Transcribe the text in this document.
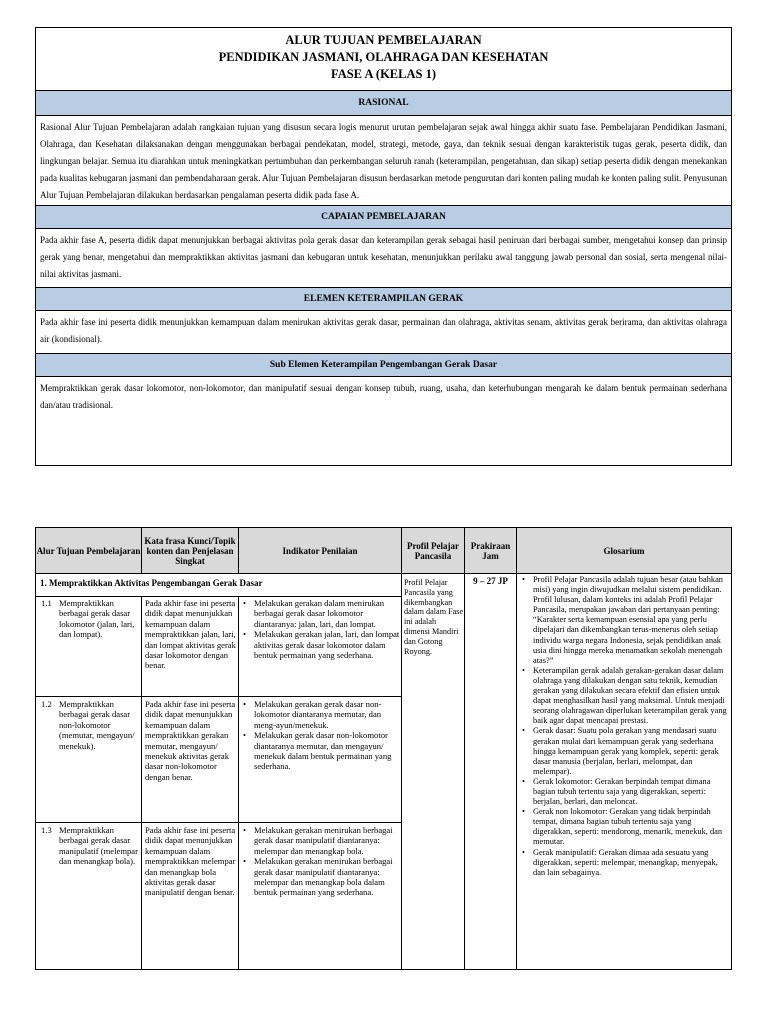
ALUR TUJUAN PEMBELAJARAN
PENDIDIKAN JASMANI, OLAHRAGA DAN KESEHATAN
FASE A (KELAS 1)
RASIONAL
Rasional Alur Tujuan Pembelajaran adalah rangkaian tujuan yang disusun secara logis menurut urutan pembelajaran sejak awal hingga akhir suatu fase. Pembelajaran Pendidikan Jasmani, Olahraga, dan Kesehatan dilaksanakan dengan menggunakan berbagai pendekatan, model, strategi, metode, gaya, dan teknik sesuai dengan karakteristik tugas gerak, peserta didik, dan lingkungan belajar. Semua itu diarahkan untuk meningkatkan pertumbuhan dan perkembangan seluruh ranah (keterampilan, pengetahuan, dan sikap) setiap peserta didik dengan menekankan pada kualitas kebugaran jasmani dan pembendaharaan gerak. Alur Tujuan Pembelajaran disusun berdasarkan metode pengurutan dari konten paling mudah ke konten paling sulit. Penyusunan Alur Tujuan Pembelajaran dilakukan berdasarkan pengalaman peserta didik pada fase A.
CAPAIAN PEMBELAJARAN
Pada akhir fase A, peserta didik dapat menunjukkan berbagai aktivitas pola gerak dasar dan keterampilan gerak sebagai hasil peniruan dari berbagai sumber, mengetahui konsep dan prinsip gerak yang benar, mengetahui dan mempraktikkan aktivitas jasmani dan kebugaran untuk kesehatan, menunjukkan perilaku awal tanggung jawab personal dan sosial, serta mengenal nilai-nilai aktivitas jasmani.
ELEMEN KETERAMPILAN GERAK
Pada akhir fase ini peserta didik menunjukkan kemampuan dalam menirukan aktivitas gerak dasar, permainan dan olahraga, aktivitas senam, aktivitas gerak berirama, dan aktivitas olahraga air (kondisional).
Sub Elemen Keterampilan Pengembangan Gerak Dasar
Mempraktikkan gerak dasar lokomotor, non-lokomotor, dan manipulatif sesuai dengan konsep tubuh, ruang, usaha, dan keterhubungan mengarah ke dalam bentuk permainan sederhana dan/atau tradisional.
Alur Tujuan Pembelajaran
Kata frasa Kunci/Topik konten dan Penjelasan Singkat
Indikator Penilaian	Profil Pelajar Pancasila
Prakiraan Jam	Glosarium
1. Mempraktikkan Aktivitas Pengembangan Gerak Dasar
1.1 Mempraktikkan berbagai gerak dasar lokomotor (jalan, lari, dan lompat).
Pada akhir fase ini peserta didik dapat menunjukkan kemampuan dalam mempraktikkan jalan, lari, dan lompat aktivitas gerak dasar lokomotor dengan benar.
• Melakukan gerakan dalam menirukan berbagai gerak dasar lokomotor diantaranya: jalan, lari, dan lompat.
• Melakukan gerakan jalan, lari, dan lompat aktivitas gerak dasar lokomotor dalam bentuk permainan yang sederhana.
1.2 Mempraktikkan berbagai gerak dasar non-lokomotor (memutar, mengayun/ menekuk).
Pada akhir fase ini peserta didik dapat menunjukkan kemampuan dalam mempraktikkan gerakan memutar, mengayun/ menekuk aktivitas gerak dasar non-lokomotor dengan benar.
• Melakukan gerakan gerak dasar non-lokomotor diantaranya memutar, dan meng-ayun/menekuk.
• Melakukan gerak dasar non-lokomotor diantaranya memutar, dan mengayun/ menekuk dalam bentuk permainan yang sederhana.
1.3 Mempraktikkan berbagai gerak dasar manipulatif (melempar dan menangkap bola).
Pada akhir fase ini peserta didik dapat menunjukkan kemampuan dalam mempraktikkan melempar dan menangkap bola aktivitas gerak dasar manipulatif dengan benar.
• Melakukan gerakan menirukan berbagai gerak dasar manipulatif diantaranya: melempar dan menangkap bola.
• Melakukan gerakan menirukan berbagai gerak dasar manipulatif diantaranya: melempar dan menangkap bola dalam bentuk permainan yang sederhana.
Profil Pelajar Pancasila yang dikembangkan dalam dalam Fase ini adalah dimensi Mandiri dan Gotong Royong.
9 – 27 JP
•	Profil Pelajar Pancasila adalah tujuan besar (atau bahkan misi) yang ingin diwujudkan melalui sistem pendidikan. Profil lulusan, dalam konteks ini adalah Profil Pelajar Pancasila, merupakan jawaban dari pertanyaan penting: “Karakter serta kemampuan esensial apa yang perlu dipelajari dan dikembangkan terus-menerus oleh setiap individu warga negara Indonesia, sejak pendidikan anak usia dini hingga mereka menamatkan sekolah menengah atas?”
• Keterampilan gerak adalah gerakan-gerakan dasar dalam olahraga yang dilakukan dengan satu teknik, kemudian gerakan yang dilakukan secara efektif dan efisien untuk dapat menghasilkan hasil yang maksimal. Untuk menjadi seorang olahragawan diperlukan keterampilan gerak yang baik agar dapat mencapai prestasi.
• Gerak dasar: Suatu pola gerakan yang mendasari suatu gerakan mulai dari kemampuan gerak yang sederhana hingga kemampuan gerak yang komplek, seperti: gerak dasar manusia (berjalan, berlari, melompat, dan melempar).
• Gerak lokomotor: Gerakan berpindah tempat dimana bagian tubuh tertentu saja yang digerakkan, seperti: berjalan, berlari, dan meloncat.
• Gerak non lokomotor: Gerakan yang tidak berpindah tempat, dimana bagian tubuh tertentu saja yang digerakkan, seperti: mendorong, menarik, menekuk, dan memutar.
• Gerak manipulatif: Gerakan dimaa ada sesuatu yang digerakkan, seperti: melempar, menangkap, menyepak, dan lain sebagainya.
